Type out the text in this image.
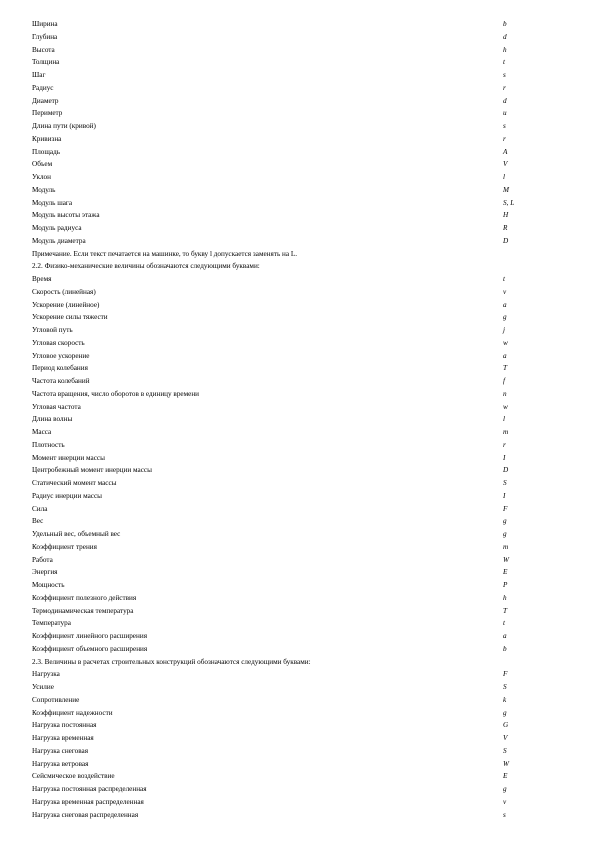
Ширина	b
Глубина	d
Высота	h
Толщина	t
Шаг	s
Радиус	r
Диаметр	d
Периметр	u
Длина пути (кривой)	s
Кривизна	r
Площадь	A
Объем	V
Уклон	l
Модуль	M
Модуль шага	S, L
Модуль высоты этажа	H
Модуль радиуса	R
Модуль диаметра	D
Примечание. Если текст печатается на машинке, то букву l допускается заменять на L.
2.2. Физико-механические величины обозначаются следующими буквами:
Время	t
Скорость (линейная)	v
Ускорение (линейное)	a
Ускорение силы тяжести	g
Угловой путь	j
Угловая скорость	w
Угловое ускорение	a
Период колебания	T
Частота колебаний	f
Частота вращения, число оборотов в единицу времени	n
Угловая частота	w
Длина волны	l
Масса	m
Плотность	r
Момент инерции массы	I
Центробежный момент инерции массы	D
Статический момент массы	S
Радиус инерции массы	I
Сила	F
Вес	g
Удельный вес, объемный вес	g
Коэффициент трения	m
Работа	W
Энергия	E
Мощность	P
Коэффициент полезного действия	h
Термодинамическая температура	T
Температура	t
Коэффициент линейного расширения	a
Коэффициент объемного расширения	b
2.3. Величины в расчетах строительных конструкций обозначаются следующими буквами:
Нагрузка	F
Усилие	S
Сопротивление	k
Коэффициент надежности	g
Нагрузка постоянная	G
Нагрузка временная	V
Нагрузка снеговая	S
Нагрузка ветровая	W
Сейсмическое воздействие	E
Нагрузка постоянная распределенная	g
Нагрузка временная распределенная	v
Нагрузка снеговая распределенная	s
